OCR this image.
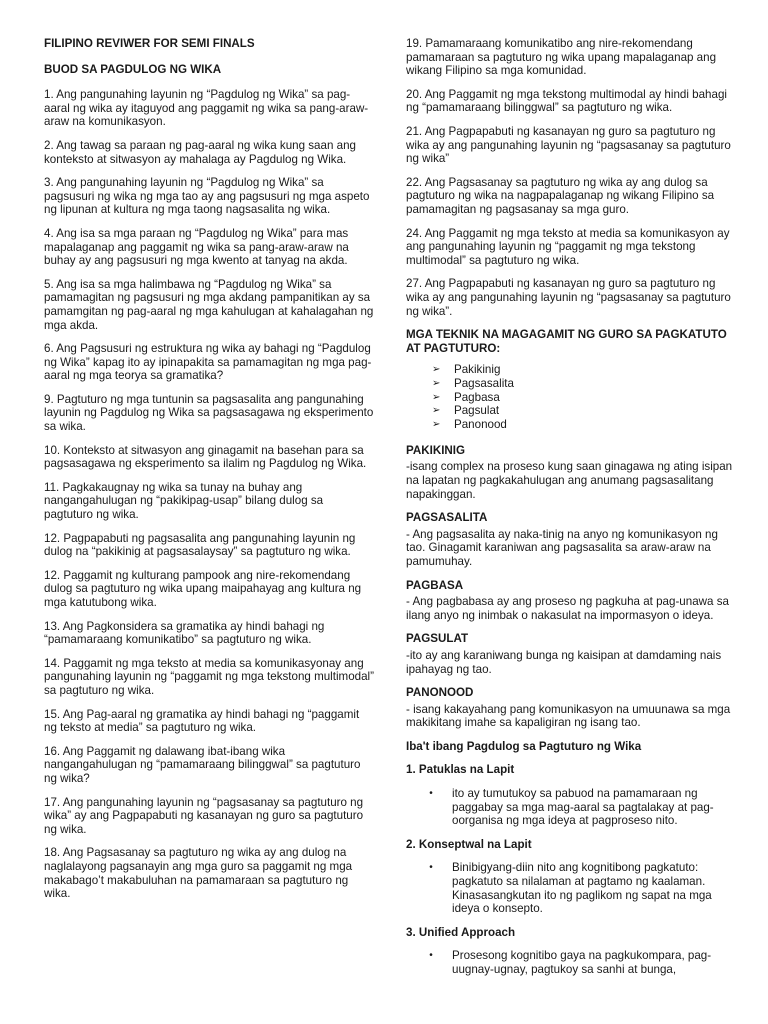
FILIPINO REVIWER FOR SEMI FINALS
BUOD SA PAGDULOG NG WIKA

1. Ang pangunahing layunin ng “Pagdulog ng Wika” sa pag-aaral ng wika ay itaguyod ang paggamit ng wika sa pang-araw-araw na komunikasyon.

2. Ang tawag sa paraan ng pag-aaral ng wika kung saan ang konteksto at sitwasyon ay mahalaga ay Pagdulog ng Wika.

3. Ang pangunahing layunin ng “Pagdulog ng Wika” sa pagsusuri ng wika ng mga tao ay ang pagsusuri ng mga aspeto ng lipunan at kultura ng mga taong nagsasalita ng wika.

4. Ang isa sa mga paraan ng “Pagdulog ng Wika” para mas mapalaganap ang paggamit ng wika sa pang-araw-araw na buhay ay ang pagsusuri ng mga kwento at tanyag na akda.

5. Ang isa sa mga halimbawa ng “Pagdulog ng Wika” sa pamamagitan ng pagsusuri ng mga akdang pampanitikan ay sa pamamgitan ng pag-aaral ng mga kahulugan at kahalagahan ng mga akda.

6. Ang Pagsusuri ng estruktura ng wika ay bahagi ng “Pagdulog ng Wika” kapag ito ay ipinapakita sa pamamagitan ng mga pag-aaral ng mga teorya sa gramatika?

9. Pagtuturo ng mga tuntunin sa pagsasalita ang pangunahing layunin ng Pagdulog ng Wika sa pagsasagawa ng eksperimento sa wika.

10. Konteksto at sitwasyon ang ginagamit na basehan para sa pagsasagawa ng eksperimento sa ilalim ng Pagdulog ng Wika.

11. Pagkakaugnay ng wika sa tunay na buhay ang nangangahulugan ng “pakikipag-usap” bilang dulog sa pagtuturo ng wika.

12. Pagpapabuti ng pagsasalita ang pangunahing layunin ng dulog na “pakikinig at pagsasalaysay” sa pagtuturo ng wika.

12. Paggamit ng kulturang pampook ang nire-rekomendang dulog sa pagtuturo ng wika upang maipahayag ang kultura ng mga katutubong wika.

13. Ang Pagkonsidera sa gramatika ay hindi bahagi ng “pamamaraang komunikatibo” sa pagtuturo ng wika.

14. Paggamit ng mga teksto at media sa komunikasyonay ang pangunahing layunin ng “paggamit ng mga tekstong multimodal” sa pagtuturo ng wika.

15. Ang Pag-aaral ng gramatika ay hindi bahagi ng “paggamit ng teksto at media” sa pagtuturo ng wika.

16. Ang Paggamit ng dalawang ibat-ibang wika nangangahulugan ng “pamamaraang bilinggwal” sa pagtuturo ng wika?

17. Ang pangunahing layunin ng “pagsasanay sa pagtuturo ng wika” ay ang Pagpapabuti ng kasanayan ng guro sa pagtuturo ng wika.

18. Ang Pagsasanay sa pagtuturo ng wika ay ang dulog na naglalayong pagsanayin ang mga guro sa paggamit ng mga makabago’t makabuluhan na pamamaraan sa pagtuturo ng wika.

19. Pamamaraang komunikatibo ang nire-rekomendang pamamaraan sa pagtuturo ng wika upang mapalaganap ang wikang Filipino sa mga komunidad.

20. Ang Paggamit ng mga tekstong multimodal ay hindi bahagi ng “pamamaraang bilinggwal” sa pagtuturo ng wika.

21. Ang Pagpapabuti ng kasanayan ng guro sa pagtuturo ng wika ay ang pangunahing layunin ng “pagsasanay sa pagtuturo ng wika”

22. Ang Pagsasanay sa pagtuturo ng wika ay ang dulog sa pagtuturo ng wika na nagpapalaganap ng wikang Filipino sa pamamagitan ng pagsasanay sa mga guro.

24. Ang Paggamit ng mga teksto at media sa komunikasyon ay ang pangunahing layunin ng “paggamit ng mga tekstong multimodal” sa pagtuturo ng wika.

27. Ang Pagpapabuti ng kasanayan ng guro sa pagtuturo ng wika ay ang pangunahing layunin ng “pagsasanay sa pagtuturo ng wika”.

MGA TEKNIK NA MAGAGAMIT NG GURO SA PAGKATUTO AT PAGTUTURO:
➢	Pakikinig
➢	Pagsasalita
➢	Pagbasa
➢	Pagsulat
➢	Panonood
PAKIKINIG
-isang complex na proseso kung saan ginagawa ng ating isipan na lapatan ng pagkakahulugan ang anumang pagsasalitang napakinggan.
PAGSASALITA
- Ang pagsasalita ay naka-tinig na anyo ng komunikasyon ng tao. Ginagamit karaniwan ang pagsasalita sa araw-araw na pamumuhay.
PAGBASA
- Ang pagbabasa ay ang proseso ng pagkuha at pag-unawa sa ilang anyo ng inimbak o nakasulat na impormasyon o ideya.
PAGSULAT
-ito ay ang karaniwang bunga ng kaisipan at damdaming nais ipahayag ng tao.
PANONOOD
- isang kakayahang pang komunikasyon na umuunawa sa mga makikitang imahe sa kapaligiran ng isang tao.
Iba't ibang Pagdulog sa Pagtuturo ng Wika
1. Patuklas na Lapit
•	ito ay tumutukoy sa pabuod na pamamaraan ng paggabay sa mga mag-aaral sa pagtalakay at pag- oorganisa ng mga ideya at pagproseso nito.
2. Konseptwal na Lapit
•	Binibigyang-diin nito ang kognitibong pagkatuto: pagkatuto sa nilalaman at pagtamo ng kaalaman. Kinasasangkutan ito ng paglikom ng sapat na mga ideya o konsepto.
3. Unified Approach
•	Prosesong kognitibo gaya na pagkukompara, pag-uugnay-ugnay, pagtukoy sa sanhi at bunga,
